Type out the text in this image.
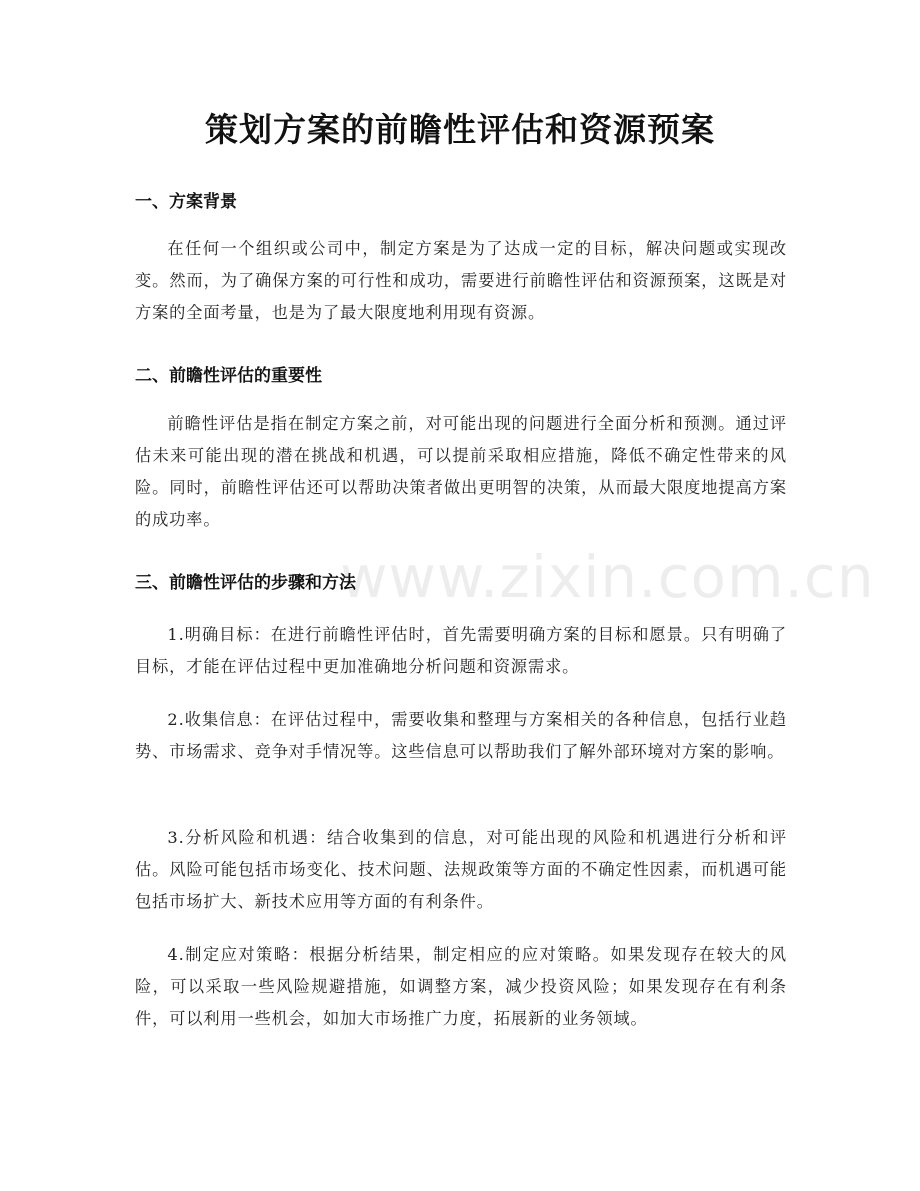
www.zixin.com.cn
策划方案的前瞻性评估和资源预案
一、方案背景

在任何一个组织或公司中，制定方案是为了达成一定的目标，解决问题或实现改变。然而，为了确保方案的可行性和成功，需要进行前瞻性评估和资源预案，这既是对方案的全面考量，也是为了最大限度地利用现有资源。

二、前瞻性评估的重要性

前瞻性评估是指在制定方案之前，对可能出现的问题进行全面分析和预测。通过评估未来可能出现的潜在挑战和机遇，可以提前采取相应措施，降低不确定性带来的风险。同时，前瞻性评估还可以帮助决策者做出更明智的决策，从而最大限度地提高方案的成功率。

三、前瞻性评估的步骤和方法

1.明确目标：在进行前瞻性评估时，首先需要明确方案的目标和愿景。只有明确了目标，才能在评估过程中更加准确地分析问题和资源需求。

2.收集信息：在评估过程中，需要收集和整理与方案相关的各种信息，包括行业趋势、市场需求、竞争对手情况等。这些信息可以帮助我们了解外部环境对方案的影响。

3.分析风险和机遇：结合收集到的信息，对可能出现的风险和机遇进行分析和评估。风险可能包括市场变化、技术问题、法规政策等方面的不确定性因素，而机遇可能包括市场扩大、新技术应用等方面的有利条件。

4.制定应对策略：根据分析结果，制定相应的应对策略。如果发现存在较大的风险，可以采取一些风险规避措施，如调整方案，减少投资风险；如果发现存在有利条件，可以利用一些机会，如加大市场推广力度，拓展新的业务领域。
